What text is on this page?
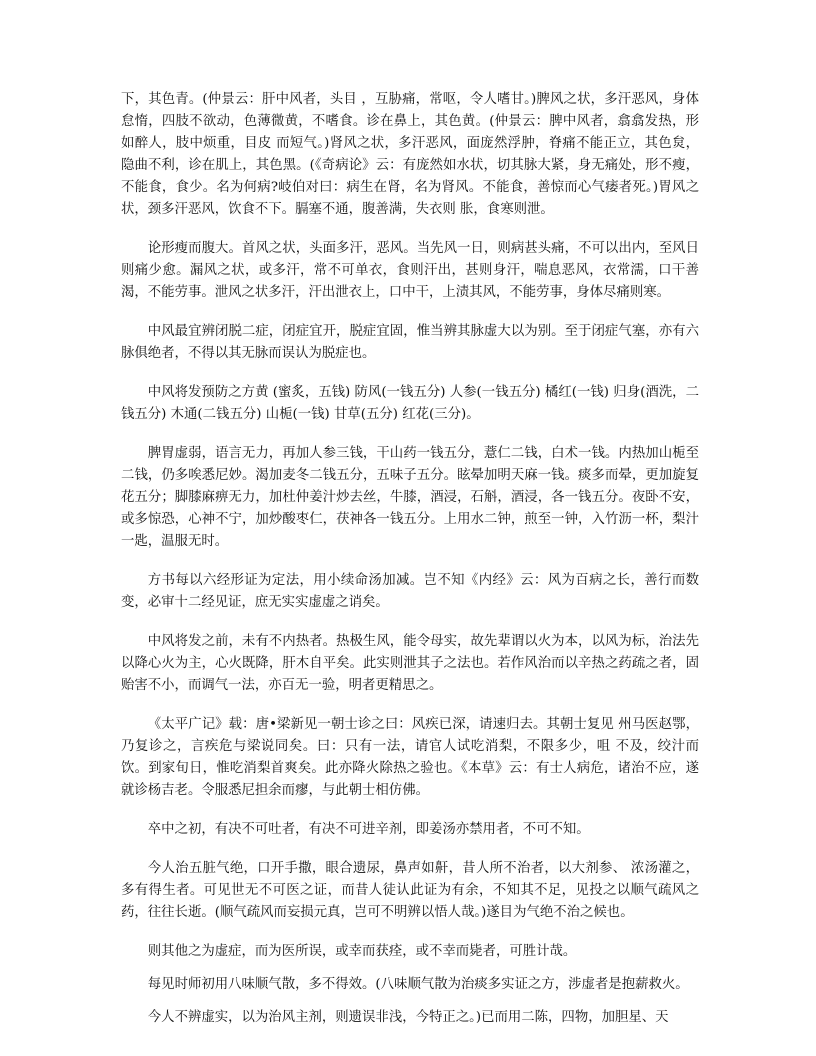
下，其色青。(仲景云：肝中风者，头目 ，互胁痛，常呕，令人嗜甘。)脾风之状，多汗恶风，身体怠惰，四肢不欲动，色薄微黄，不嗜食。诊在鼻上，其色黄。(仲景云：脾中风者，翕翕发热，形如醉人，肢中烦重，目皮 而短气。)肾风之状，多汗恶风，面庞然浮肿，脊痛不能正立，其色炱，隐曲不利，诊在肌上，其色黑。(《奇病论》云：有庞然如水状，切其脉大紧，身无痛处，形不瘦，不能食，食少。名为何病?岐伯对曰：病生在肾，名为肾风。不能食，善惊而心气痿者死。)胃风之状，颈多汗恶风，饮食不下。膈塞不通，腹善满，失衣则 胀，食寒则泄。

论形瘦而腹大。首风之状，头面多汗，恶风。当先风一日，则病甚头痛，不可以出内，至风日则痛少愈。漏风之状，或多汗，常不可单衣，食则汗出，甚则身汗，喘息恶风，衣常濡，口干善渴，不能劳事。泄风之状多汗，汗出泄衣上，口中干，上渍其风，不能劳事，身体尽痛则寒。

中风最宜辨闭脱二症，闭症宜开，脱症宜固，惟当辨其脉虚大以为别。至于闭症气塞，亦有六脉俱绝者，不得以其无脉而误认为脱症也。

中风将发预防之方黄 (蜜炙，五钱) 防风(一钱五分) 人参(一钱五分) 橘红(一钱) 归身(酒洗，二钱五分) 木通(二钱五分) 山栀(一钱) 甘草(五分) 红花(三分)。

脾胃虚弱，语言无力，再加人参三钱，干山药一钱五分，薏仁二钱，白术一钱。内热加山栀至二钱，仍多唉悉尼妙。渴加麦冬二钱五分，五味子五分。眩晕加明天麻一钱。痰多而晕，更加旋复花五分；脚膝麻痹无力，加杜仲姜汁炒去丝，牛膝，酒浸，石斛，酒浸，各一钱五分。夜卧不安，或多惊恐，心神不宁，加炒酸枣仁，茯神各一钱五分。上用水二钟，煎至一钟，入竹沥一杯，梨汁一匙，温服无时。

方书每以六经形证为定法，用小续命汤加减。岂不知《内经》云：风为百病之长，善行而数变，必审十二经见证，庶无实实虚虚之诮矣。

中风将发之前，未有不内热者。热极生风，能令母实，故先辈谓以火为本，以风为标，治法先以降心火为主，心火既降，肝木自平矣。此实则泄其子之法也。若作风治而以辛热之药疏之者，固贻害不小，而调气一法，亦百无一验，明者更精思之。

《太平广记》载：唐•梁新见一朝士诊之曰：风疾已深，请速归去。其朝士复见 州马医赵鄂，乃复诊之，言疾危与梁说同矣。曰：只有一法，请官人试吃消梨，不限多少，咀 不及，绞汁而饮。到家旬日，惟吃消梨首爽矣。此亦降火除热之验也。《本草》云：有士人病危，诸治不应，遂就诊杨吉老。令服悉尼担余而瘳，与此朝士相仿佛。

卒中之初，有决不可吐者，有决不可进辛剂，即姜汤亦禁用者，不可不知。

今人治五脏气绝，口开手撒，眼合遗尿，鼻声如鼾，昔人所不治者，以大剂参、 浓汤灌之，多有得生者。可见世无不可医之证，而昔人徒认此证为有余，不知其不足，见投之以顺气疏风之药，往往长逝。(顺气疏风而妄损元真，岂可不明辨以悟人哉。)遂目为气绝不治之候也。

则其他之为虚症，而为医所误，或幸而获痊，或不幸而毙者，可胜计哉。

每见时师初用八味顺气散，多不得效。(八味顺气散为治痰多实证之方，涉虚者是抱薪救火。

今人不辨虚实，以为治风主剂，则遗误非浅，今特正之。)已而用二陈，四物，加胆星、天
